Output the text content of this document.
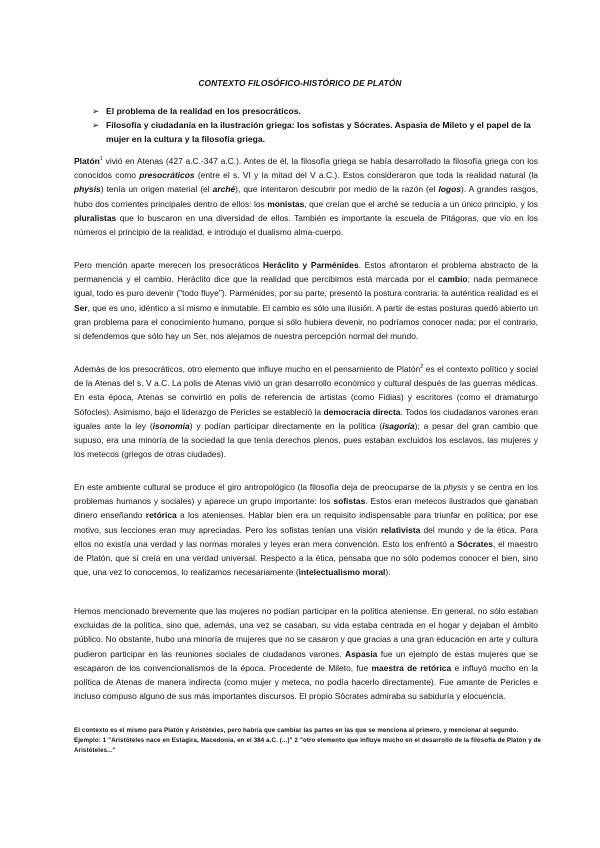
CONTEXTO FILOSÓFICO-HISTÓRICO DE PLATÓN
➢ El problema de la realidad en los presocráticos.
➢ Filosofía y ciudadanía en la ilustración griega: los sofistas y Sócrates. Aspasia de Mileto y el papel de la mujer en la cultura y la filosofía griega.
Platón$^1$ vivió en Atenas (427 a.C.-347 a.C.). Antes de él, la filosofía griega se había desarrollado la filosofía griega con los conocidos como presocráticos (entre el s. VI y la mitad del V a.C.). Estos consideraron que toda la realidad natural (la physis) tenía un origen material (el arché), que intentaron descubrir por medio de la razón (el logos). A grandes rasgos, hubo dos corrientes principales dentro de ellos: los monistas, que creían que el arché se reducía a un único principio, y los pluralistas que lo buscaron en una diversidad de ellos. También es importante la escuela de Pitágoras, que vio en los números el principio de la realidad, e introdujo el dualismo alma-cuerpo.
Pero mención aparte merecen los presocráticos Heráclito y Parménides. Estos afrontaron el problema abstracto de la permanencia y el cambio. Heráclito dice que la realidad que percibimos está marcada por el cambio; nada permanece igual, todo es puro devenir ("todo fluye"). Parménides, por su parte, presentó la postura contraria: la auténtica realidad es el Ser, que es uno, idéntico a sí mismo e inmutable. El cambio es sólo una ilusión. A partir de estas posturas quedó abierto un gran problema para el conocimiento humano, porque si sólo hubiera devenir, no podríamos conocer nada; por el contrario, si defendemos que sólo hay un Ser, nos alejamos de nuestra percepción normal del mundo.
Además de los presocráticos, otro elemento que influye mucho en el pensamiento de Platón$^2$ es el contexto político y social de la Atenas del s. V a.C. La polis de Atenas vivió un gran desarrollo económico y cultural después de las guerras médicas. En esta época, Atenas se convirtió en polis de referencia de artistas (como Fidias) y escritores (como el dramaturgo Sófocles). Asimismo, bajo el liderazgo de Pericles se estableció la democracia directa. Todos los ciudadanos varones eran iguales ante la ley (isonomia) y podían participar directamente en la política (isagoría); a pesar del gran cambio que supuso, era una minoría de la sociedad la que tenía derechos plenos, pues estaban excluidos los esclavos, las mujeres y los metecos (griegos de otras ciudades).
En este ambiente cultural se produce el giro antropológico (la filosofía deja de preocuparse de la physis y se centra en los problemas humanos y sociales) y aparece un grupo importante: los sofistas. Estos eran metecos ilustrados que ganaban dinero enseñando retórica a los atenienses. Hablar bien era un requisito indispensable para triunfar en política; por ese motivo, sus lecciones eran muy apreciadas. Pero los sofistas tenían una visión relativista del mundo y de la ética. Para ellos no existía una verdad y las normas morales y leyes eran mera convención. Esto los enfrentó a Sócrates, el maestro de Platón, que sí creía en una verdad universal. Respecto a la ética, pensaba que no sólo podemos conocer el bien, sino que, una vez lo conocemos, lo realizamos necesariamente (intelectualismo moral).
Hemos mencionado brevemente que las mujeres no podían participar en la política ateniense. En general, no sólo estaban excluidas de la política, sino que, además, una vez se casaban, su vida estaba centrada en el hogar y dejaban el ámbito público. No obstante, hubo una minoría de mujeres que no se casaron y que gracias a una gran educación en arte y cultura pudieron participar en las reuniones sociales de ciudadanos varones. Aspasia fue un ejemplo de estas mujeres que se escaparon de los convencionalismos de la época. Procedente de Mileto, fue maestra de retórica e influyó mucho en la política de Atenas de manera indirecta (como mujer y meteca, no podía hacerlo directamente). Fue amante de Pericles e incluso compuso alguno de sus más importantes discursos. El propio Sócrates admiraba su sabiduría y elocuencia.
El contexto es el mismo para Platón y Aristóteles, pero habría que cambiar las partes en las que se menciona al primero, y mencionar al segundo. Ejemplo: 1 "Aristóteles nace en Estagira, Macedonia, en el 384 a.C. (...)" 2 "otro elemento que influye mucho en el desarrollo de la filosofía de Platón y de Aristóteles..."
